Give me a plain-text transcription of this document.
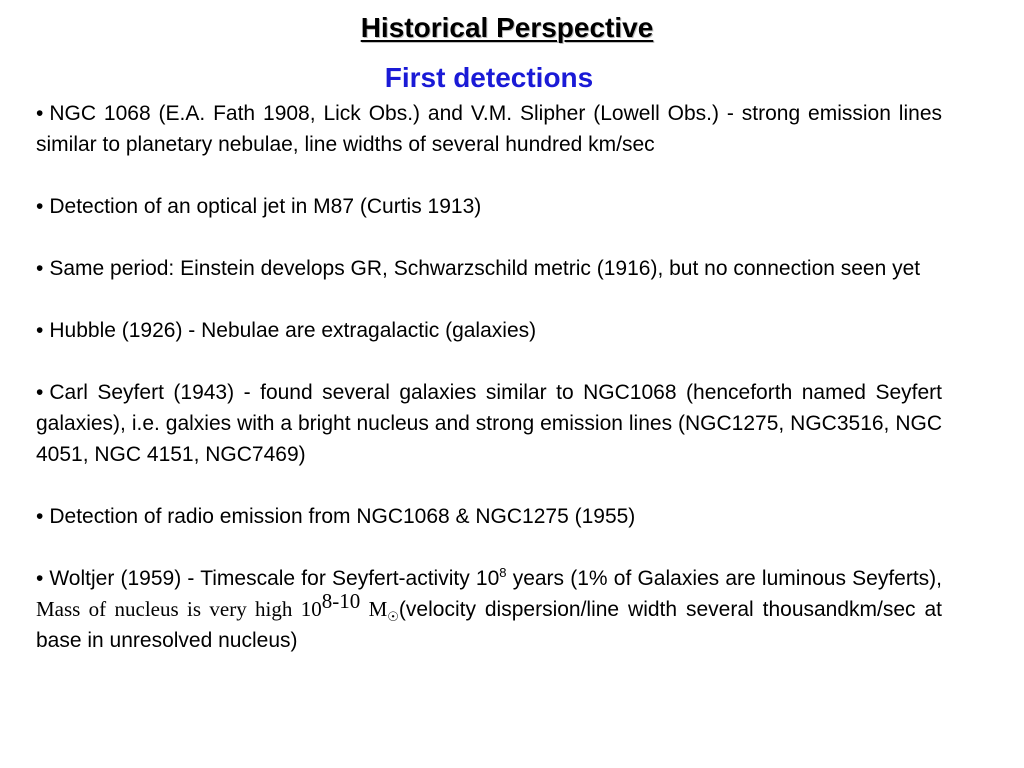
Historical Perspective
First detections

• NGC 1068 (E.A. Fath 1908, Lick Obs.) and V.M. Slipher (Lowell Obs.) - strong emission lines similar to planetary nebulae, line widths of several hundred km/sec

• Detection of an optical jet in M87 (Curtis 1913)

• Same period: Einstein develops GR, Schwarzschild metric (1916), but no connection seen yet

• Hubble (1926) - Nebulae are extragalactic (galaxies)

• Carl Seyfert (1943) - found several galaxies similar to NGC1068 (henceforth named Seyfert galaxies), i.e. galxies with a bright nucleus and strong emission lines (NGC1275, NGC3516, NGC 4051, NGC 4151, NGC7469)

• Detection of radio emission from NGC1068 & NGC1275 (1955)

• Woltjer (1959) - Timescale for Seyfert-activity $10^8$ years (1% of Galaxies are luminous Seyferts), Mass of nucleus is very high 10$^{8-10}$ $M_☉(velocity$ dispersion/line width several thousandkm/sec at base in unresolved nucleus)
